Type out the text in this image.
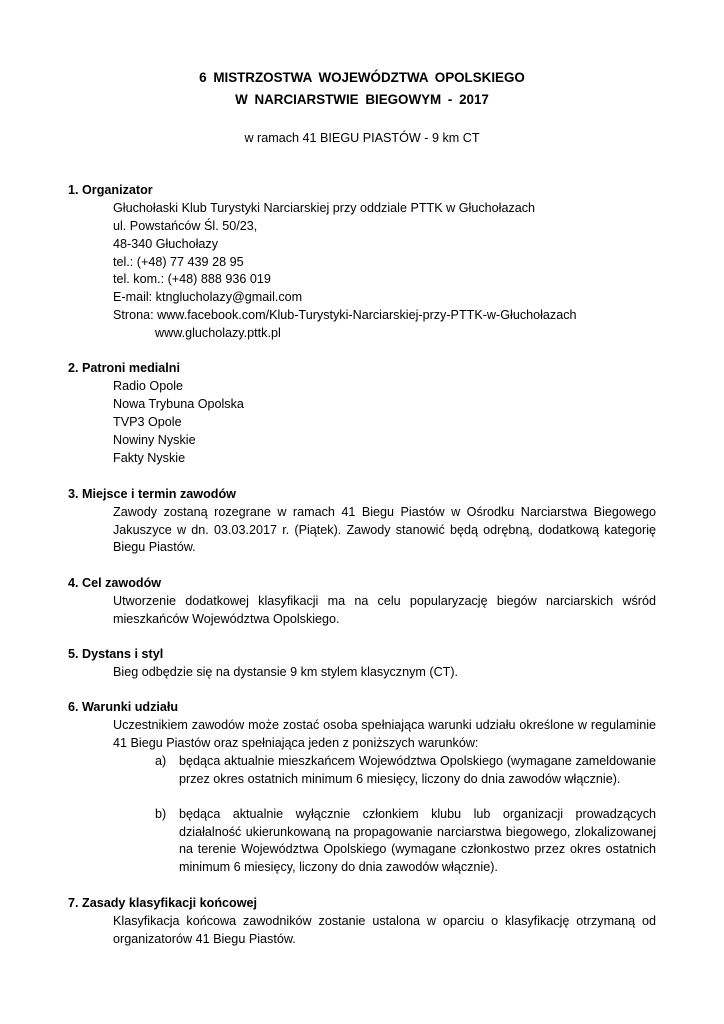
6 MISTRZOSTWA WOJEWÓDZTWA OPOLSKIEGO
W NARCIARSTWIE BIEGOWYM - 2017
w ramach 41 BIEGU PIASTÓW - 9 km CT
1. Organizator
Głuchołaski Klub Turystyki Narciarskiej przy oddziale PTTK w Głuchołazach
ul. Powstańców Śl. 50/23,
48-340 Głuchołazy
tel.: (+48) 77 439 28 95
tel. kom.: (+48) 888 936 019
E-mail: ktnglucholazy@gmail.com
Strona: www.facebook.com/Klub-Turystyki-Narciarskiej-przy-PTTK-w-Głuchołazach
www.glucholazy.pttk.pl
2. Patroni medialni
Radio Opole
Nowa Trybuna Opolska
TVP3 Opole
Nowiny Nyskie
Fakty Nyskie
3. Miejsce i termin zawodów
Zawody zostaną rozegrane w ramach 41 Biegu Piastów w Ośrodku Narciarstwa Biegowego Jakuszyce w dn. 03.03.2017 r. (Piątek). Zawody stanowić będą odrębną, dodatkową kategorię Biegu Piastów.
4. Cel zawodów
Utworzenie dodatkowej klasyfikacji ma na celu popularyzację biegów narciarskich wśród mieszkańców Województwa Opolskiego.
5. Dystans i styl
Bieg odbędzie się na dystansie 9 km stylem klasycznym (CT).
6. Warunki udziału
Uczestnikiem zawodów może zostać osoba spełniająca warunki udziału określone w regulaminie 41 Biegu Piastów oraz spełniająca jeden z poniższych warunków:
a) będąca aktualnie mieszkańcem Województwa Opolskiego (wymagane zameldowanie przez okres ostatnich minimum 6 miesięcy, liczony do dnia zawodów włącznie).
b) będąca aktualnie wyłącznie członkiem klubu lub organizacji prowadzących działalność ukierunkowaną na propagowanie narciarstwa biegowego, zlokalizowanej na terenie Województwa Opolskiego (wymagane członkostwo przez okres ostatnich minimum 6 miesięcy, liczony do dnia zawodów włącznie).
7. Zasady klasyfikacji końcowej
Klasyfikacja końcowa zawodników zostanie ustalona w oparciu o klasyfikację otrzymaną od organizatorów 41 Biegu Piastów.
